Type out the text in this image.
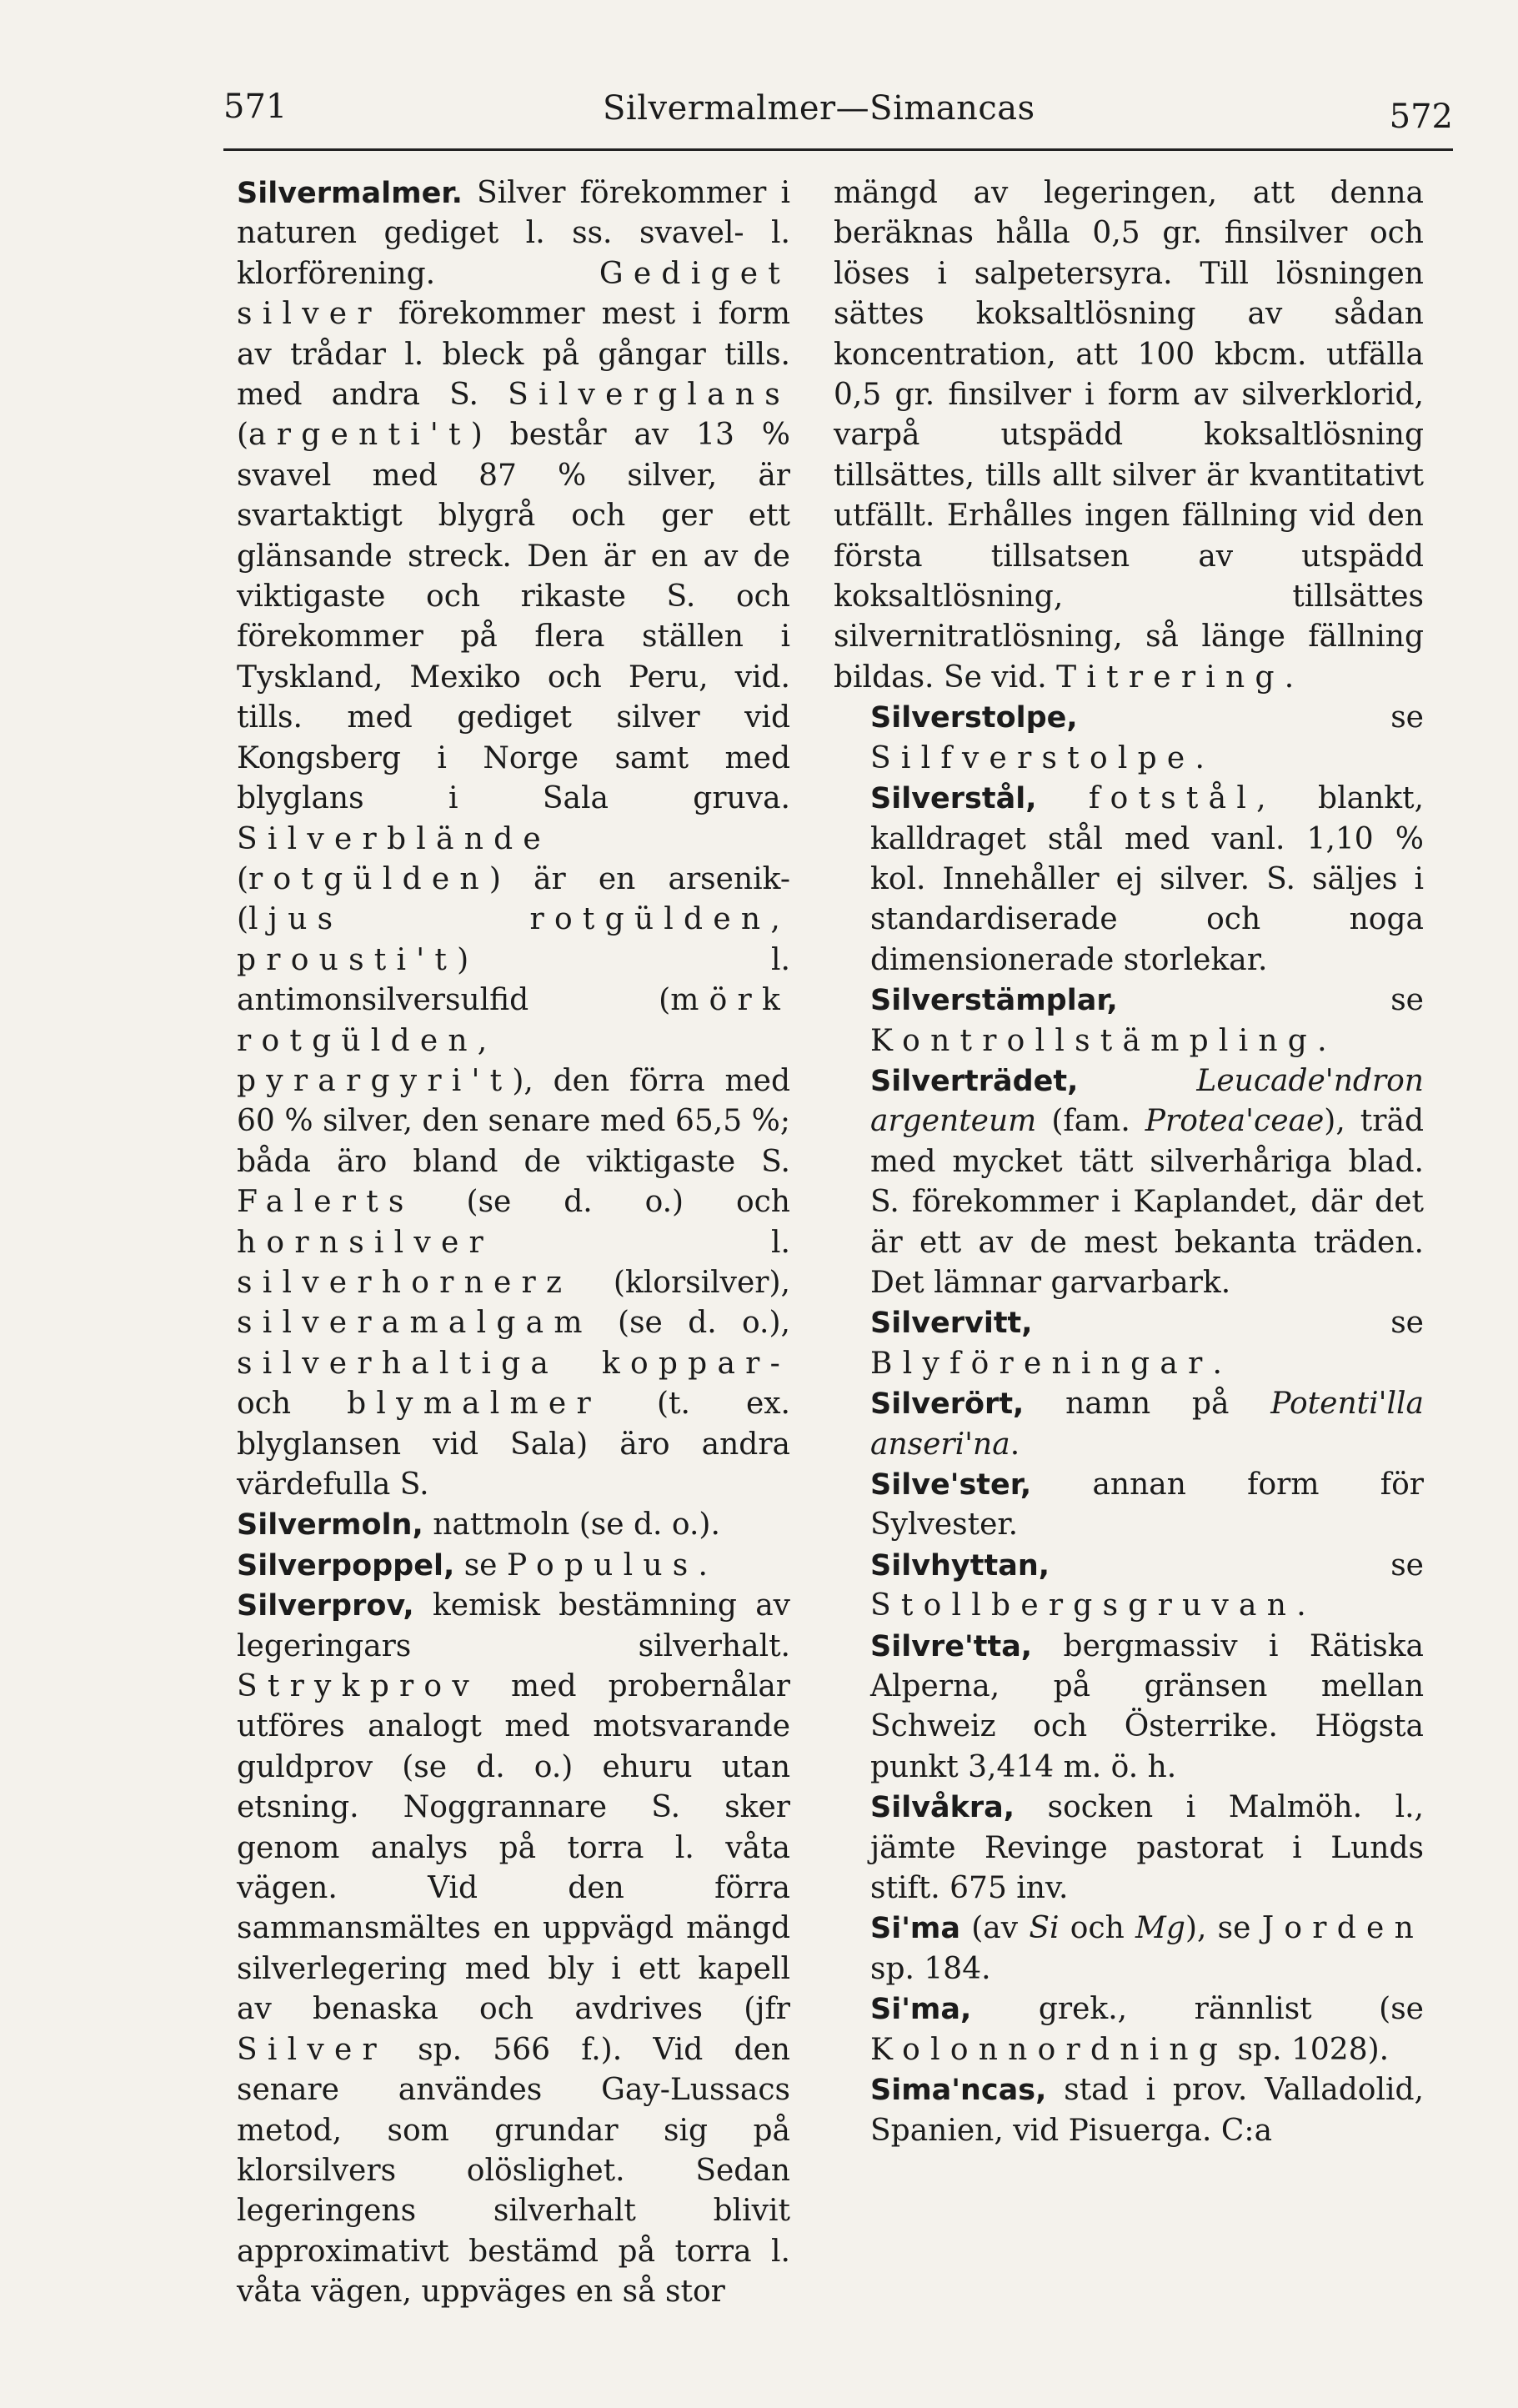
571	Silvermalmer—Simancas	572

Silvermalmer. Silver förekommer i naturen gediget l. ss. svavel- l. klorförening. Gediget silver förekommer mest i form av trådar l. bleck på gångar tills. med andra S. Silverglans (argenti't) består av 13 % svavel med 87 % silver, är svartaktigt blygrå och ger ett glänsande streck. Den är en av de viktigaste och rikaste S. och förekommer på flera ställen i Tyskland, Mexiko och Peru, vid. tills. med gediget silver vid Kongsberg i Norge samt med blyglans i Sala gruva. Silverblände (rotgülden) är en arsenik- (ljus rotgülden, prousti't) l. antimonsilversulfid (mörk rotgülden, pyrargyri't), den förra med 60 % silver, den senare med 65,5 %; båda äro bland de viktigaste S. Falerts (se d. o.) och hornsilver l. silverhornerz (klorsilver), silveramalgam (se d. o.), silverhaltiga koppar- och blymalmer (t. ex. blyglansen vid Sala) äro andra värdefulla S.

Silvermoln, nattmoln (se d. o.).

Silverpoppel, se Populus.

Silverprov, kemisk bestämning av legeringars silverhalt. Strykprov med probernålar utföres analogt med motsvarande guldprov (se d. o.) ehuru utan etsning. Noggrannare S. sker genom analys på torra l. våta vägen. Vid den förra sammansmältes en uppvägd mängd silverlegering med bly i ett kapell av benaska och avdrives (jfr Silver sp. 566 f.). Vid den senare användes Gay-Lussacs metod, som grundar sig på klorsilvers olöslighet. Sedan legeringens silverhalt blivit approximativt bestämd på torra l. våta vägen, uppväges en så stor

mängd av legeringen, att denna beräknas hålla 0,5 gr. finsilver och löses i salpetersyra. Till lösningen sättes koksaltlösning av sådan koncentration, att 100 kbcm. utfälla 0,5 gr. finsilver i form av silverklorid, varpå utspädd koksaltlösning tillsättes, tills allt silver är kvantitativt utfällt. Erhålles ingen fällning vid den första tillsatsen av utspädd koksaltlösning, tillsättes silvernitratlösning, så länge fällning bildas. Se vid. Titrering.

Silverstolpe, se Silfverstolpe.

Silverstål, fotstål, blankt, kalldraget stål med vanl. 1,10 % kol. Innehåller ej silver. S. säljes i standardiserade och noga dimensionerade storlekar.

Silverstämplar, se Kontrollstämpling.

Silverträdet,	Leucade'ndron argenteum (fam. Protea'ceae), träd med mycket tätt silverhåriga blad. S. förekommer i Kaplandet, där det är ett av de mest bekanta träden. Det lämnar garvarbark.

Silvervitt, se Blyföreningar.

Silverört, namn på Potenti'lla anseri'na.

Silve'ster, annan form för Sylvester.

Silvhyttan, se Stollbergsgruvan.

Silvre'tta, bergmassiv i Rätiska Alperna, på gränsen mellan Schweiz och Österrike. Högsta punkt 3,414 m. ö. h.

Silvåkra, socken i Malmöh. l., jämte Revinge pastorat i Lunds stift. 675 inv.

Si'ma (av Si och Mg), se Jorden sp. 184.

Si'ma, grek., rännlist (se Kolonnordning sp. 1028).

Sima'ncas, stad i prov. Valladolid, Spanien, vid Pisuerga. C:a
